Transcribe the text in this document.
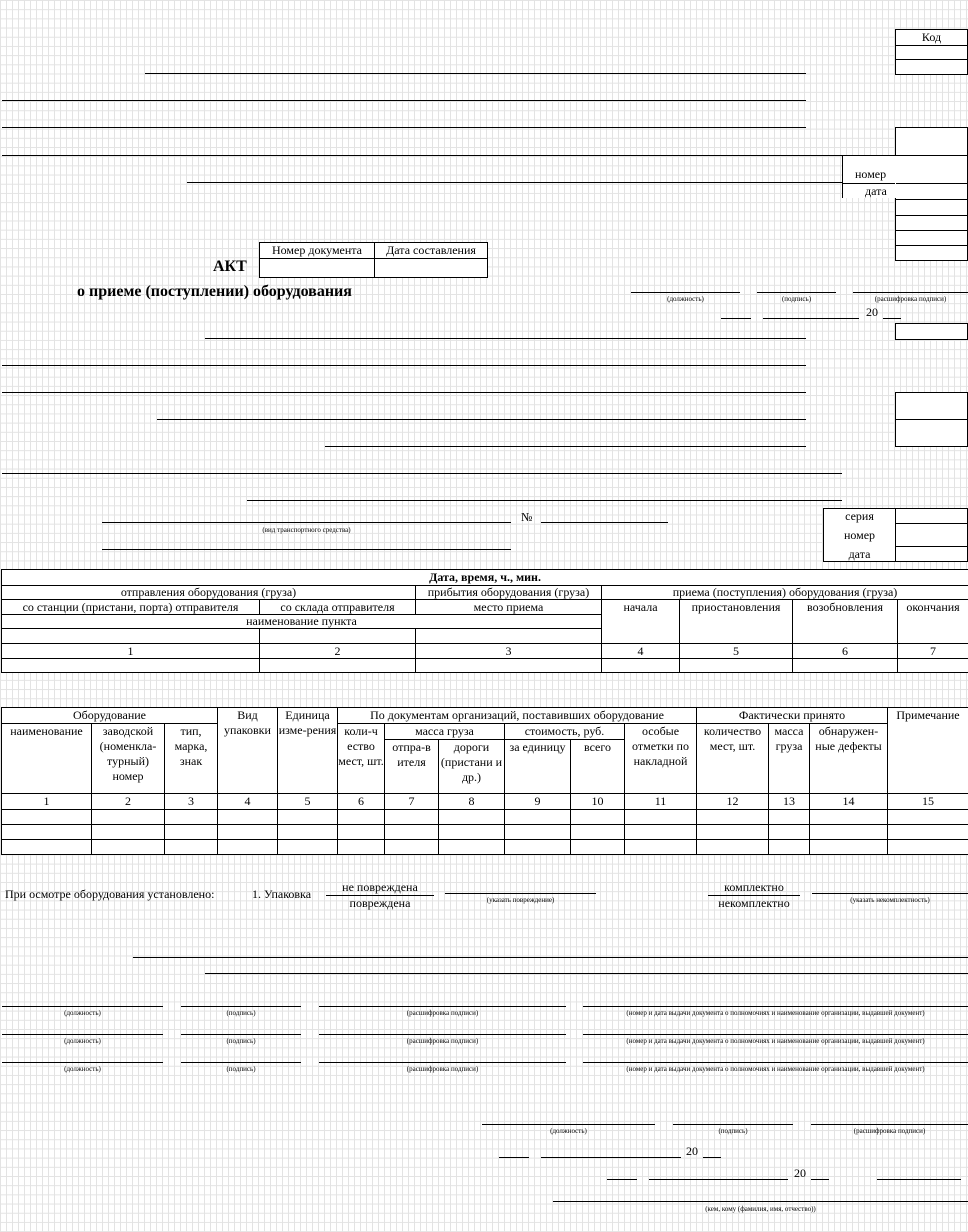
Код

номер
дата
Номер документа	Дата составления

АКТ
о приеме (поступлении) оборудования	(должность)	(подпись)	(расшифровка подписи)
20
(вид транспортного средства)
№	серия	
номер	
дата	
Дата, время, ч., мин.						
отправления оборудования (груза)		прибытия оборудования (груза)	приема (поступления) оборудования (груза)			
со станции (пристани, порта) отправителя	со склада отправителя	место приема	начала	приостановления	возобновления	окончания
наименование пункта						

1	2	3	4	5	6	7

Оборудование			Вид упаковки	Единица изме-рения	По документам организаций, поставивших оборудование						Фактически принято			Примечание
наименование	заводской (номенкла-турный) номер	тип, марка, знак			коли-ч ество мест, шт.	масса груза		стоимость, руб.		особые отметки по накладной	количество мест, шт.	масса груза	обнаружен-ные дефекты	
						отпра-в ителя	дороги (пристани и др.)	за единицу	всего					
1	2	3	4	5	6	7	8	9	10	11	12	13	14	15

При осмотре оборудования установлено:	1. Упаковка	не повреждена
повреждена	(указать повреждение)
комплектно
некомплектно	(указать некомплектность)
(должность)	(подпись)	(расшифровка подписи)	(номер и дата выдачи документа о полномочиях и наименование организации, выдавшей документ)
(должность)	(подпись)	(расшифровка подписи)	(номер и дата выдачи документа о полномочиях и наименование организации, выдавшей документ)
(должность)	(подпись)	(расшифровка подписи)	(номер и дата выдачи документа о полномочиях и наименование организации, выдавшей документ)
(должность)	(подпись)	(расшифровка подписи)
20
20
(кем, кому (фамилия, имя, отчество))
